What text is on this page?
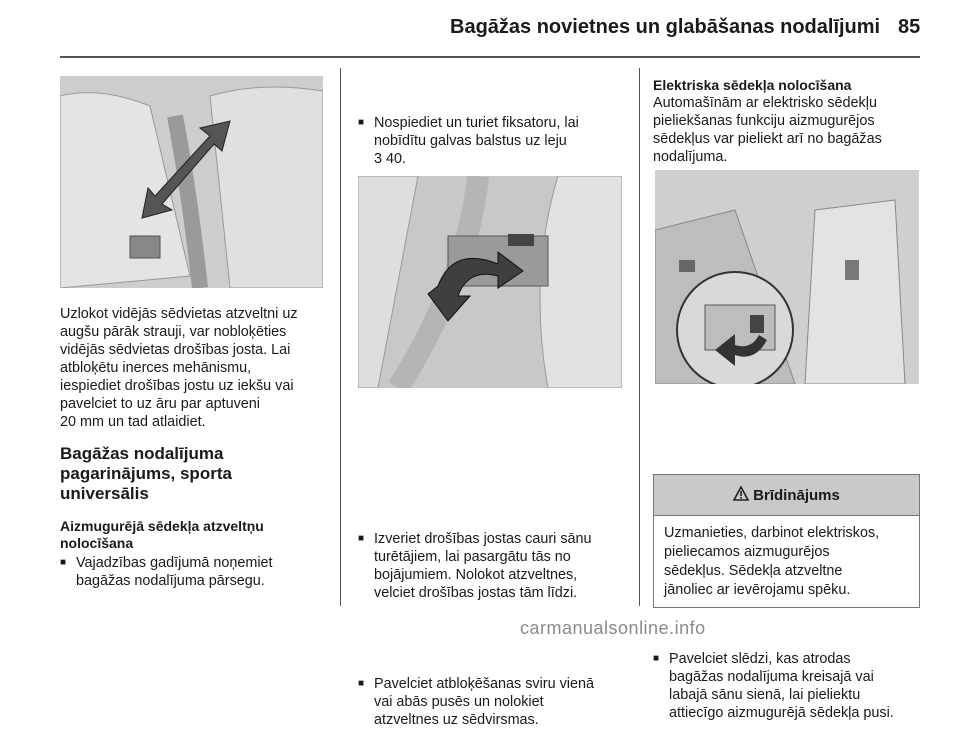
Bagāžas novietnes un glabāšanas nodalījumi 85

Uzlokot vidējās sēdvietas atzveltni uz

augšu pārāk strauji, var nobloķēties

vidējās sēdvietas drošības josta. Lai

atbloķētu inerces mehānismu,

iespiediet drošības jostu uz iekšu vai

pavelciet to uz āru par aptuveni

20 mm un tad atlaidiet.

Bagāžas nodalījuma

pagarinājums, sporta

universālis

Aizmugurējā sēdekļa atzveltņu

nolocīšana

■ Vajadzības gadījumā noņemiet

bagāžas nodalījuma pārsegu.

■ Nospiediet un turiet fiksatoru, lai

nobīdītu galvas balstus uz leju

3 40.

■

■ Izveriet drošības jostas cauri sānu

turētājiem, lai pasargātu tās no

bojājumiem. Nolokot atzveltnes,

velciet drošības jostas tām līdzi.

■ Pavelciet atbloķēšanas sviru vienā

vai abās pusēs un nolokiet

atzveltnes uz sēdvirsmas.

Elektriska sēdekļa nolocīšana

Automašīnām ar elektrisko sēdekļu

pieliekšanas funkciju aizmugurējos

sēdekļus var pieliekt arī no bagāžas

nodalījuma.

■ Pavelciet slēdzi, kas atrodas

bagāžas nodalījuma kreisajā vai

labajā sānu sienā, lai pieliektu

attiecīgo aizmugurējā sēdekļa pusi.

Brīdinājums
Uzmanieties, darbinot elektriskos,
pieliecamos aizmugurējos
sēdekļus. Sēdekļa atzveltne
jānoliec ar ievērojamu spēku.
carmanualsonline.info
